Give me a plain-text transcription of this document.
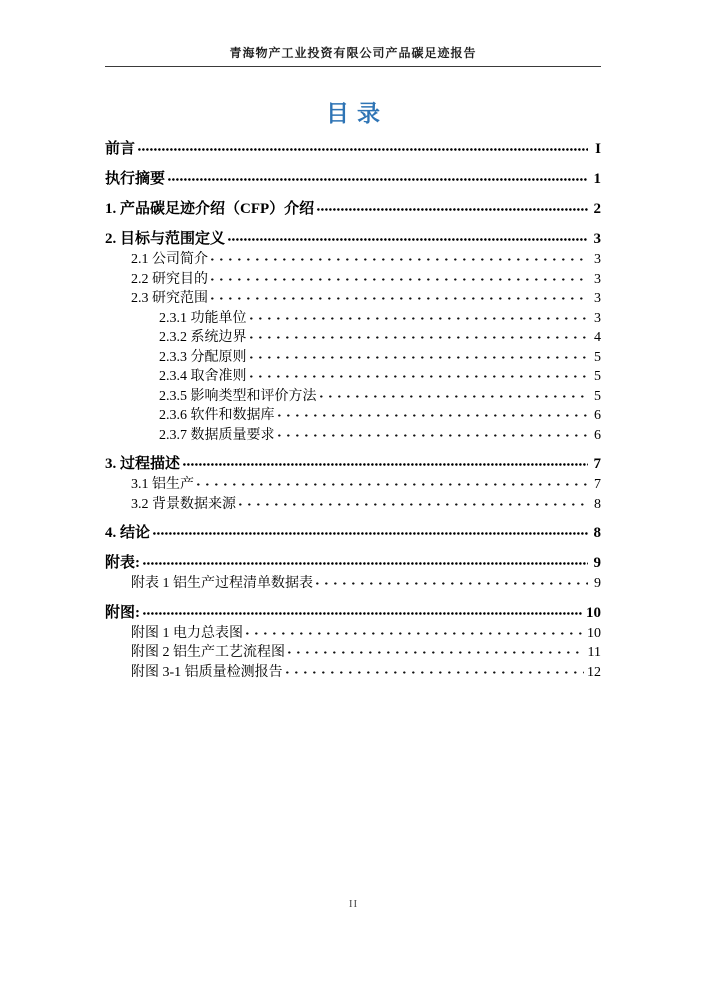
青海物产工业投资有限公司产品碳足迹报告
目录
前言	I
执行摘要	1
1. 产品碳足迹介绍（CFP）介绍	2
2. 目标与范围定义	3
2.1 公司简介	3
2.2 研究目的	3
2.3 研究范围	3
2.3.1 功能单位	3
2.3.2 系统边界	4
2.3.3 分配原则	5
2.3.4 取舍准则	5
2.3.5 影响类型和评价方法	5
2.3.6 软件和数据库	6
2.3.7 数据质量要求	6
3. 过程描述	7
3.1 铝生产	7
3.2 背景数据来源	8
4. 结论	8
附表:	9
附表 1 铝生产过程清单数据表	9
附图:	10
附图 1 电力总表图	10
附图 2 铝生产工艺流程图	11
附图 3-1 铝质量检测报告	12
II
